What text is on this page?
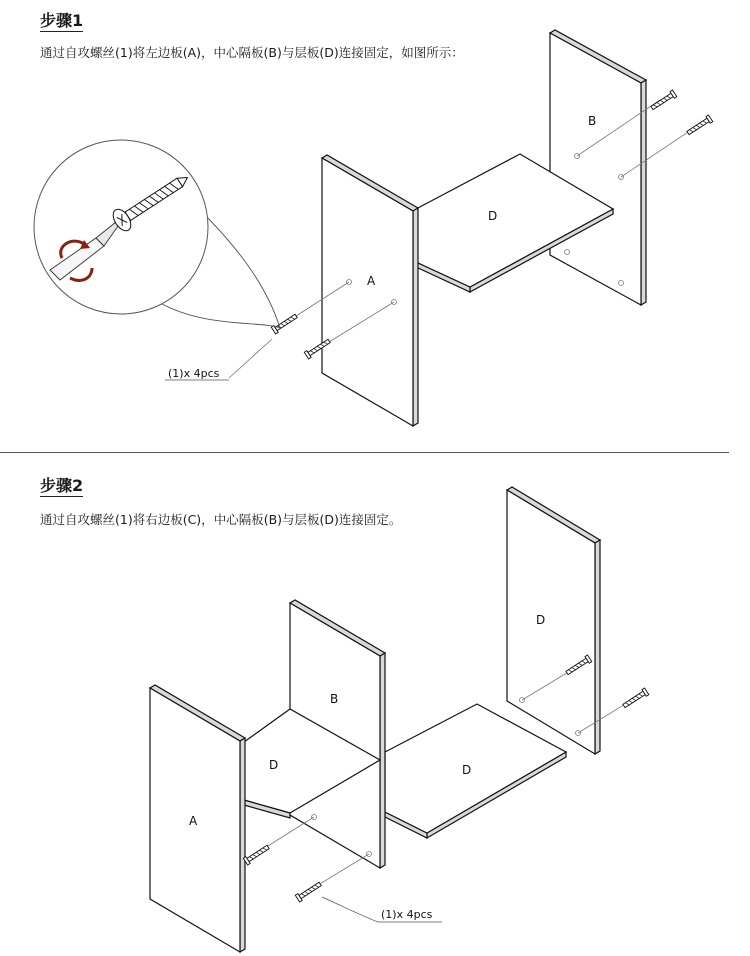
步骤1
通过自攻螺丝(1)将左边板(A)，中心隔板(B)与层板(D)连接固定，如图所示：
B
D
A
(1)x 4pcs
步骤2
通过自攻螺丝(1)将右边板(C)，中心隔板(B)与层板(D)连接固定。
D
D
B
D
A
(1)x 4pcs
